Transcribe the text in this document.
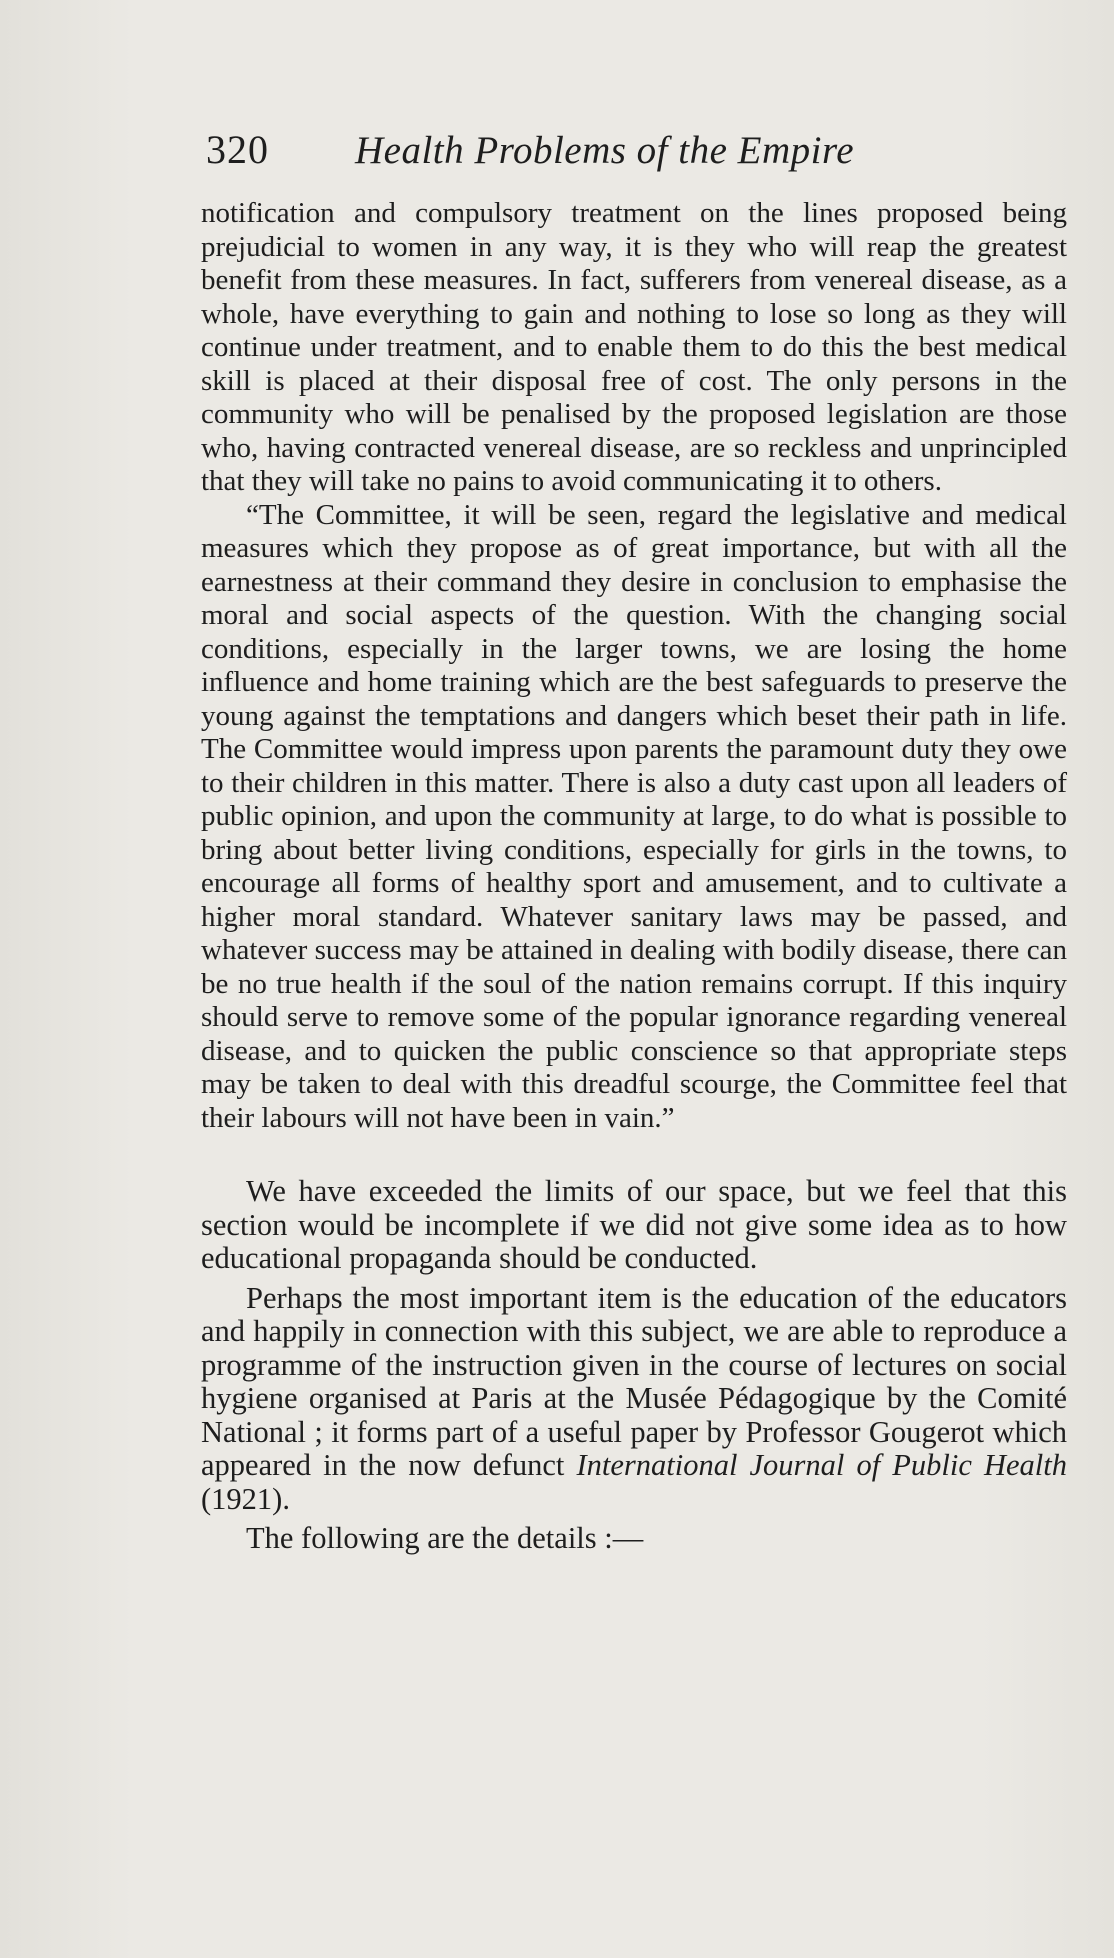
320 Health Problems of the Empire

notification and compulsory treatment on the lines proposed being prejudicial to women in any way, it is they who will reap the greatest benefit from these measures. In fact, sufferers from venereal disease, as a whole, have everything to gain and nothing to lose so long as they will continue under treatment, and to enable them to do this the best medical skill is placed at their disposal free of cost. The only persons in the community who will be penalised by the proposed legislation are those who, having contracted venereal disease, are so reckless and unprincipled that they will take no pains to avoid communicating it to others.

“The Committee, it will be seen, regard the legislative and medical measures which they propose as of great importance, but with all the earnestness at their command they desire in conclusion to emphasise the moral and social aspects of the question. With the changing social conditions, especially in the larger towns, we are losing the home influence and home training which are the best safeguards to preserve the young against the temptations and dangers which beset their path in life. The Committee would impress upon parents the paramount duty they owe to their children in this matter. There is also a duty cast upon all leaders of public opinion, and upon the community at large, to do what is possible to bring about better living conditions, especially for girls in the towns, to encourage all forms of healthy sport and amusement, and to cultivate a higher moral standard. Whatever sanitary laws may be passed, and whatever success may be attained in dealing with bodily disease, there can be no true health if the soul of the nation remains corrupt. If this inquiry should serve to remove some of the popular ignorance regarding venereal disease, and to quicken the public conscience so that appropriate steps may be taken to deal with this dreadful scourge, the Committee feel that their labours will not have been in vain.”

We have exceeded the limits of our space, but we feel that this section would be incomplete if we did not give some idea as to how educational propaganda should be conducted.

Perhaps the most important item is the education of the educators and happily in connection with this subject, we are able to reproduce a programme of the instruction given in the course of lectures on social hygiene organised at Paris at the Musée Pédagogique by the Comité National ; it forms part of a useful paper by Professor Gougerot which appeared in the now defunct International Journal of Public Health (1921).

The following are the details :—
